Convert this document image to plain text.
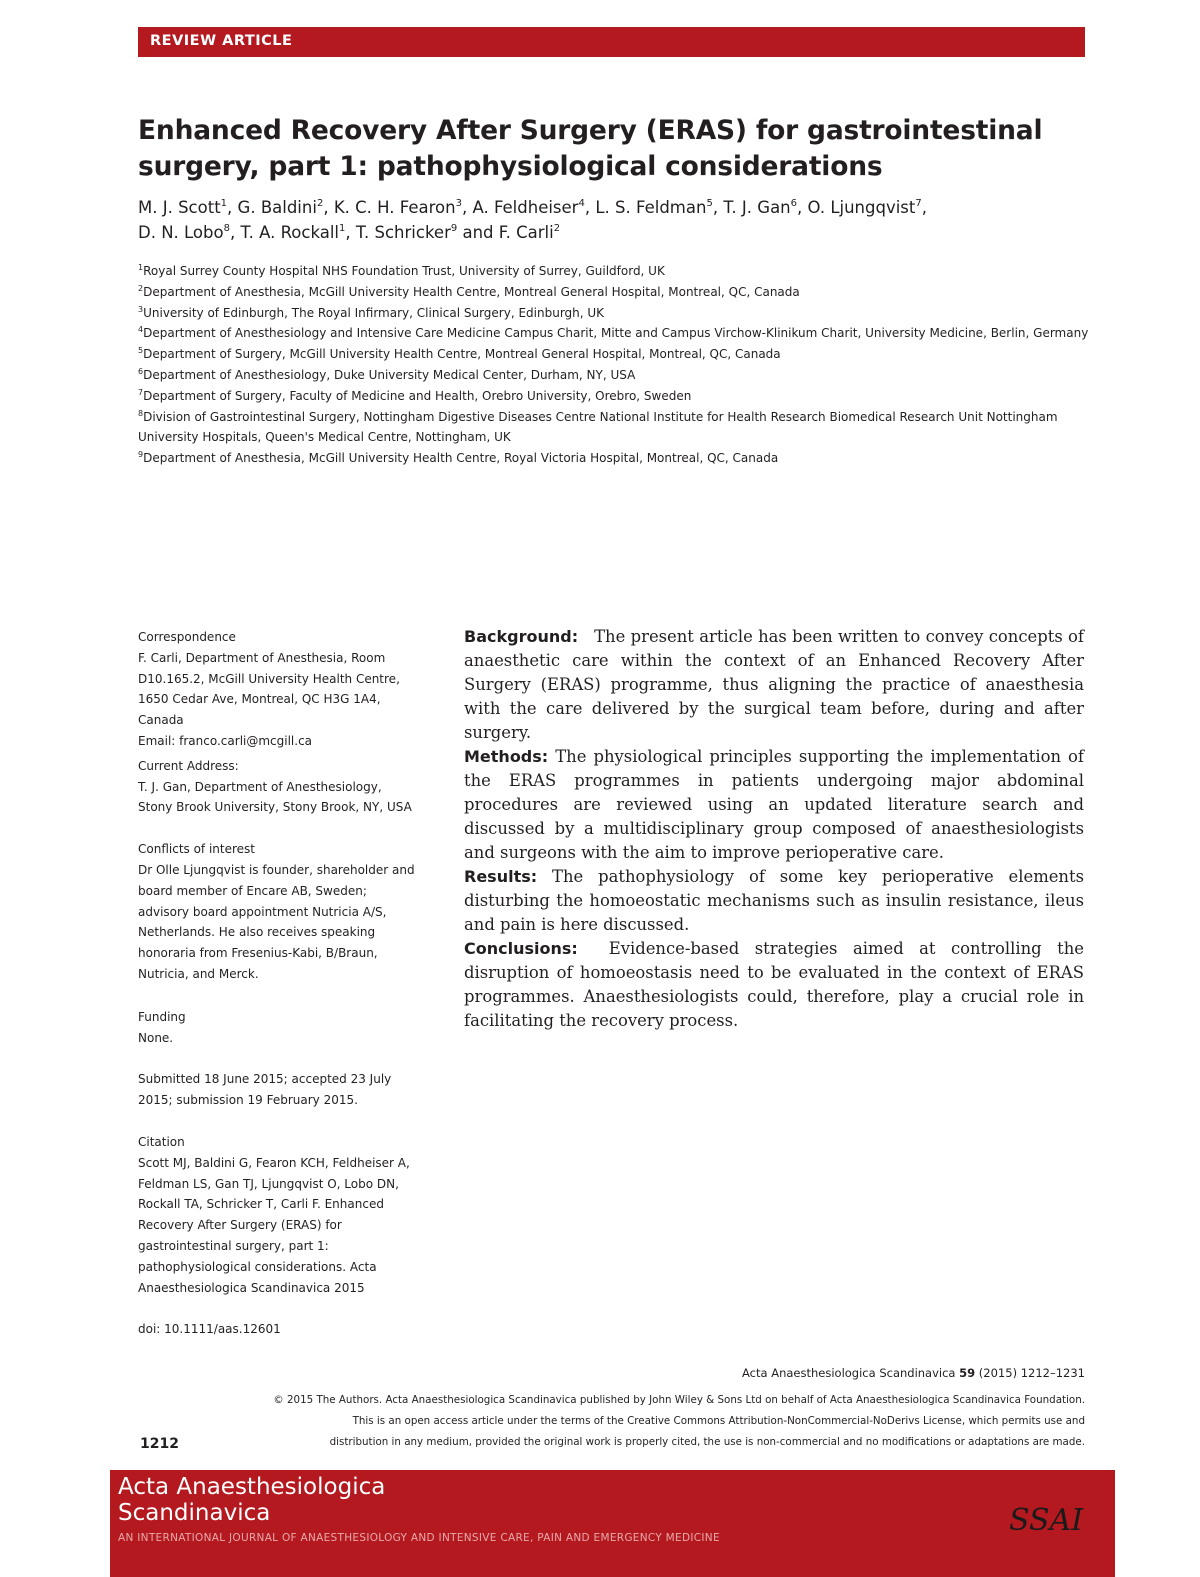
REVIEW ARTICLE
Enhanced Recovery After Surgery (ERAS) for gastrointestinal surgery, part 1: pathophysiological considerations
M. J. Scott$^1$, G. Baldini$^2$, K. C. H. Fearon$^3$, A. Feldheiser$^4$, L. S. Feldman$^5$, T. J. Gan$^6$, O. Ljungqvist$^7$,
D. N. Lobo$^8$, T. A. Rockall$^1$, T. Schricker$^9$ and F. Carli$^2$

$^1$Royal Surrey County Hospital NHS Foundation Trust, University of Surrey, Guildford, UK

$^2$Department of Anesthesia, McGill University Health Centre, Montreal General Hospital, Montreal, QC, Canada

$^3$University of Edinburgh, The Royal Infirmary, Clinical Surgery, Edinburgh, UK

$^4$Department of Anesthesiology and Intensive Care Medicine Campus Charit, Mitte and Campus Virchow-Klinikum Charit, University Medicine, Berlin, Germany

$^5$Department of Surgery, McGill University Health Centre, Montreal General Hospital, Montreal, QC, Canada

$^6$Department of Anesthesiology, Duke University Medical Center, Durham, NY, USA

$^7$Department of Surgery, Faculty of Medicine and Health, Orebro University, Orebro, Sweden

$^8$Division of Gastrointestinal Surgery, Nottingham Digestive Diseases Centre National Institute for Health Research Biomedical Research Unit Nottingham University Hospitals, Queen's Medical Centre, Nottingham, UK

$^9$Department of Anesthesia, McGill University Health Centre, Royal Victoria Hospital, Montreal, QC, Canada

Correspondence

F. Carli, Department of Anesthesia, Room

D10.165.2, McGill University Health Centre,

1650 Cedar Ave, Montreal, QC H3G 1A4,

Canada

Email: franco.carli@mcgill.ca

Current Address:

T. J. Gan, Department of Anesthesiology,

Stony Brook University, Stony Brook, NY, USA

Conflicts of interest

Dr Olle Ljungqvist is founder, shareholder and

board member of Encare AB, Sweden;

advisory board appointment Nutricia A/S,

Netherlands. He also receives speaking

honoraria from Fresenius-Kabi, B/Braun,

Nutricia, and Merck.

Funding

None.

Submitted 18 June 2015; accepted 23 July

2015; submission 19 February 2015.

Citation

Scott MJ, Baldini G, Fearon KCH, Feldheiser A,

Feldman LS, Gan TJ, Ljungqvist O, Lobo DN,

Rockall TA, Schricker T, Carli F. Enhanced

Recovery After Surgery (ERAS) for

gastrointestinal surgery, part 1:

pathophysiological considerations. Acta

Anaesthesiologica Scandinavica 2015

doi: 10.1111/aas.12601

Background: The present article has been written to convey concepts of anaesthetic care within the context of an Enhanced Recovery After Surgery (ERAS) programme, thus aligning the practice of anaesthesia with the care delivered by the surgical team before, during and after surgery.

Methods: The physiological principles supporting the implementation of the ERAS programmes in patients undergoing major abdominal procedures are reviewed using an updated literature search and discussed by a multidisciplinary group composed of anaesthesiologists and surgeons with the aim to improve perioperative care.

Results: The pathophysiology of some key perioperative elements disturbing the homoeostatic mechanisms such as insulin resistance, ileus and pain is here discussed.

Conclusions: Evidence-based strategies aimed at controlling the disruption of homoeostasis need to be evaluated in the context of ERAS programmes. Anaesthesiologists could, therefore, play a crucial role in facilitating the recovery process.

Acta Anaesthesiologica Scandinavica 59 (2015) 1212–1231

© 2015 The Authors. Acta Anaesthesiologica Scandinavica published by John Wiley & Sons Ltd on behalf of Acta Anaesthesiologica Scandinavica Foundation.

This is an open access article under the terms of the Creative Commons Attribution-NonCommercial-NoDerivs License, which permits use and

distribution in any medium, provided the original work is properly cited, the use is non-commercial and no modifications or adaptations are made.

1212
Acta Anaesthesiologica
Scandinavica
AN INTERNATIONAL JOURNAL OF ANAESTHESIOLOGY AND INTENSIVE CARE, PAIN AND EMERGENCY MEDICINE	SSAI
